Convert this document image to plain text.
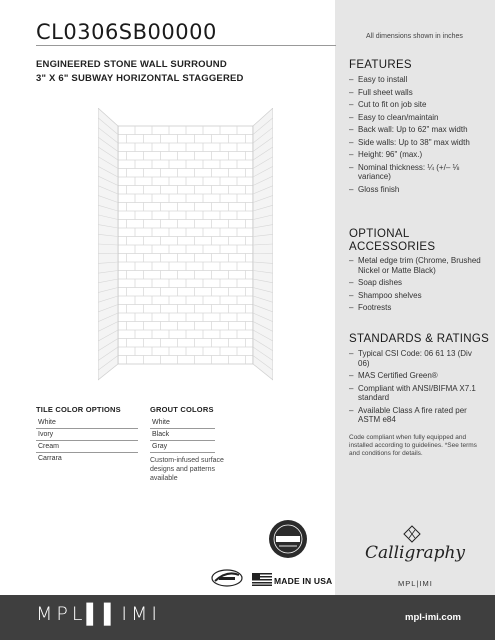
CL0306SB00000	All dimensions shown in inches
ENGINEERED STONE WALL SURROUND
3" X 6" SUBWAY HORIZONTAL STAGGERED
TILE COLOR OPTIONS
White
Ivory
Cream
Carrara
GROUT COLORS
White
Black
Gray
Custom-infused surface designs and patterns available
FEATURES
– Easy to install
– Full sheet walls
– Cut to fit on job site
– Easy to clean/maintain
– Back wall: Up to 62" max width
– Side walls: Up to 38" max width
– Height: 96" (max.)
– Nominal thickness: ¼ (+/– ⅛ variance)
– Gloss finish
OPTIONAL
ACCESSORIES
– Metal edge trim (Chrome, Brushed Nickel or Matte Black)
– Soap dishes
– Shampoo shelves
– Footrests
STANDARDS & RATINGS
– Typical CSI Code: 06 61 13 (Div 06)
– MAS Certified Green®
– Compliant with ANSI/BIFMA X7.1 standard
– Available Class A fire rated per ASTM e84
Code compliant when fully equipped and installed according to guidelines. *See terms and conditions for details.
MADE IN USA
Calligraphy
MPL|IMI
MPL▌▌IMI	mpl-imi.com
